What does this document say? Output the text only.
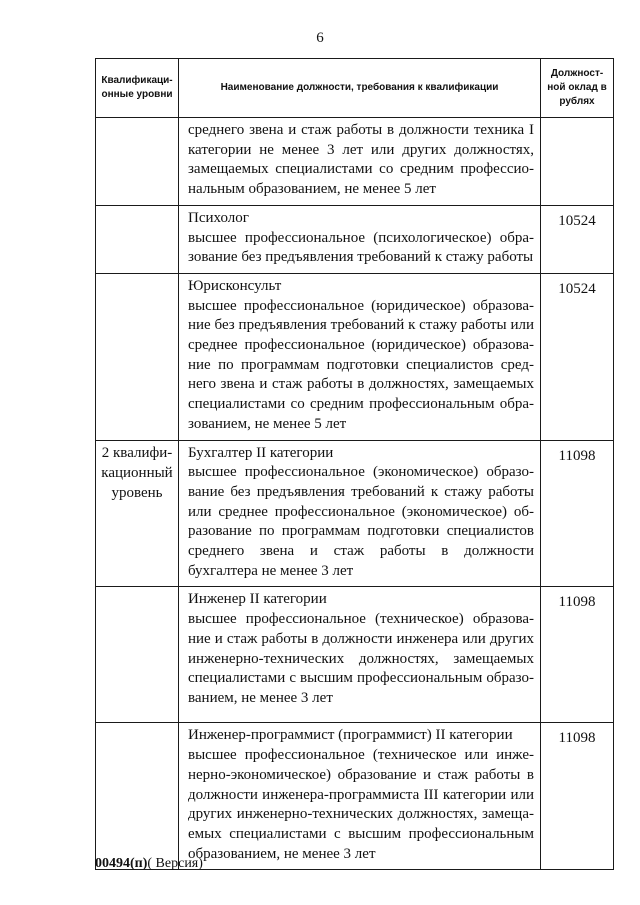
6
Квалификаци-онные уровни	Наименование должности, требования к квалификации	Должност-ной оклад в рублях

	среднего звена и стаж работы в должности техника I категории не менее 3 лет или других должностях, замещаемых специалистами со средним профессио-нальным образованием, не менее 5 лет	

	Психолог
высшее профессиональное (психологическое) обра-зование без предъявления требований к стажу работы	10524

	Юрисконсульт
высшее профессиональное (юридическое) образова-ние без предъявления требований к стажу работы или среднее профессиональное (юридическое) образова-ние по программам подготовки специалистов сред-него звена и стаж работы в должностях, замещаемых специалистами со средним профессиональным обра-зованием, не менее 5 лет	10524
2 квалифи-кационный уровень	Бухгалтер II категории
высшее профессиональное (экономическое) образо-вание без предъявления требований к стажу работы или среднее профессиональное (экономическое) об-разование по программам подготовки специалистов среднего звена и стаж работы в должности бухгалтера не менее 3 лет	11098

	Инженер II категории
высшее профессиональное (техническое) образова-ние и стаж работы в должности инженера или других инженерно-технических должностях, замещаемых специалистами с высшим профессиональным образо-ванием, не менее 3 лет	11098

	Инженер-программист (программист) II категории
высшее профессиональное (техническое или инже-нерно-экономическое) образование и стаж работы в должности инженера-программиста III категории или других инженерно-технических должностях, замеща-емых специалистами с высшим профессиональным образованием, не менее 3 лет	11098
00494(п)( Версия)
